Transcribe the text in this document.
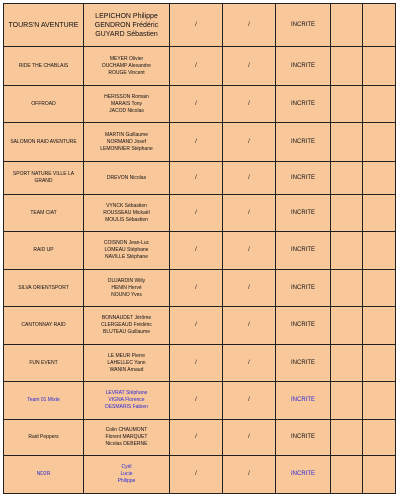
TOURS'N AVENTURE	LEPICHON Philippe
GENDRON Frédéric
GUYARD Sébastien	/	/	INCRITE		
RIDE THE CHABLAIS	MEYER Olivier
DUCHAMP Alexandre
ROUGE Vincent	/	/	INCRITE		
OFFROAD	HERISSON Romain
MARAIS Tony
JACOD Nicolas	/	/	INCRITE		
SALOMON RAID AVENTURE	MARTIN Guillaume
NORMAND Josef
LEMONNIER Stéphane	/	/	INCRITE		
SPORT NATURE VILLE LA GRAND	DREVON Nicolas	/	/	INCRITE		
TEAM CIAT	VYNCK Sébastien
ROUSSEAU Mickaël
MOULIS Sébastien	/	/	INCRITE		
RAID UP	COISNON Jean-Luc
LOMEAU Stéphane
NAVILLE Stéphane	/	/	INCRITE		
SILVA ORIENTSPORT	DUJARDIN Willy
HENIN Hervé
NOUNO Yves	/	/	INCRITE		
CANTONNAY RAID	BONNAUDET Jérôme
CLERGEAUD Frédéric
BLUTEAU Guillaume	/	/	INCRITE		
FUN EVENT	LE MEUR Pierre
LAHELLEC Yann
WANIN Arnaud	/	/	INCRITE		
Team 01 Mixte	LEVRAT Stéphane
VIGNA Florence
DESMARIS Fabien	/	/	INCRITE		
Raid Peppers	Colin CHAUMONT
Florent MARQUET
Nicolas DEBERNE	/	/	INCRITE		
ND2R	Cyril
Lucie
Philippe	/	/	INCRITE		
